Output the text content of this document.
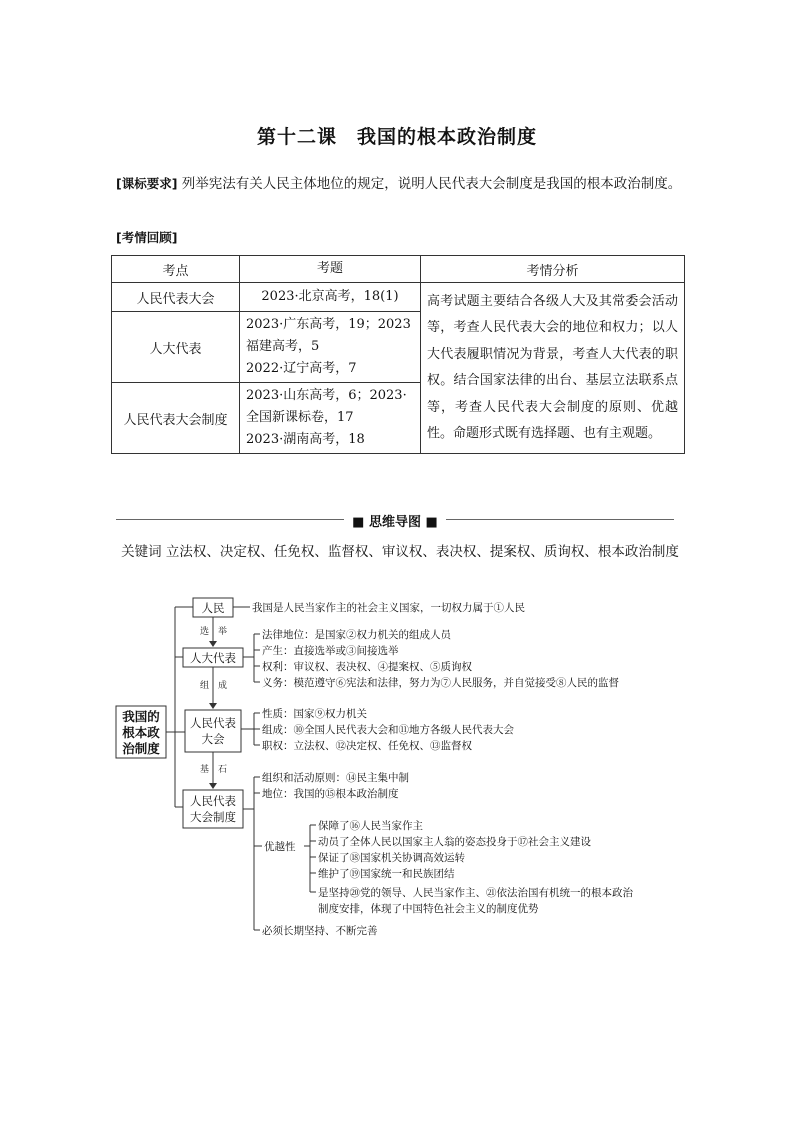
第十二课　我国的根本政治制度
[课标要求] 列举宪法有关人民主体地位的规定，说明人民代表大会制度是我国的根本政治制度。
[考情回顾]
考点	考题	考情分析
人民代表大会	2023·北京高考，18(1)	高考试题主要结合各级人大及其常委会活动等，考查人民代表大会的地位和权力；以人大代表履职情况为背景，考查人大代表的职权。结合国家法律的出台、基层立法联系点等，考查人民代表大会制度的原则、优越性。命题形式既有选择题、也有主观题。
人大代表	2023·广东高考，19；2023福建高考，5
2022·辽宁高考，7	

人民代表大会制度	2023·山东高考，6；2023·全国新课标卷，17
2023·湖南高考，18	
■ 思维导图 ■
关键词 立法权、决定权、任免权、监督权、审议权、表决权、提案权、质询权、根本政治制度
我国的
根本政
治制度
人民
人大代表
人民代表
大会
人民代表
大会制度
选　举
组　成
基　石
我国是人民当家作主的社会主义国家，一切权力属于①人民
法律地位：是国家②权力机关的组成人员
产生：直接选举或③间接选举
权利：审议权、表决权、④提案权、⑤质询权
义务：模范遵守⑥宪法和法律，努力为⑦人民服务，并自觉接受⑧人民的监督
性质：国家⑨权力机关
组成：⑩全国人民代表大会和⑪地方各级人民代表大会
职权：立法权、⑫决定权、任免权、⑬监督权
组织和活动原则：⑭民主集中制
地位：我国的⑮根本政治制度
优越性
保障了⑯人民当家作主
动员了全体人民以国家主人翁的姿态投身于⑰社会主义建设
保证了⑱国家机关协调高效运转
维护了⑲国家统一和民族团结
是坚持⑳党的领导、人民当家作主、㉑依法治国有机统一的根本政治
制度安排，体现了中国特色社会主义的制度优势
必须长期坚持、不断完善
